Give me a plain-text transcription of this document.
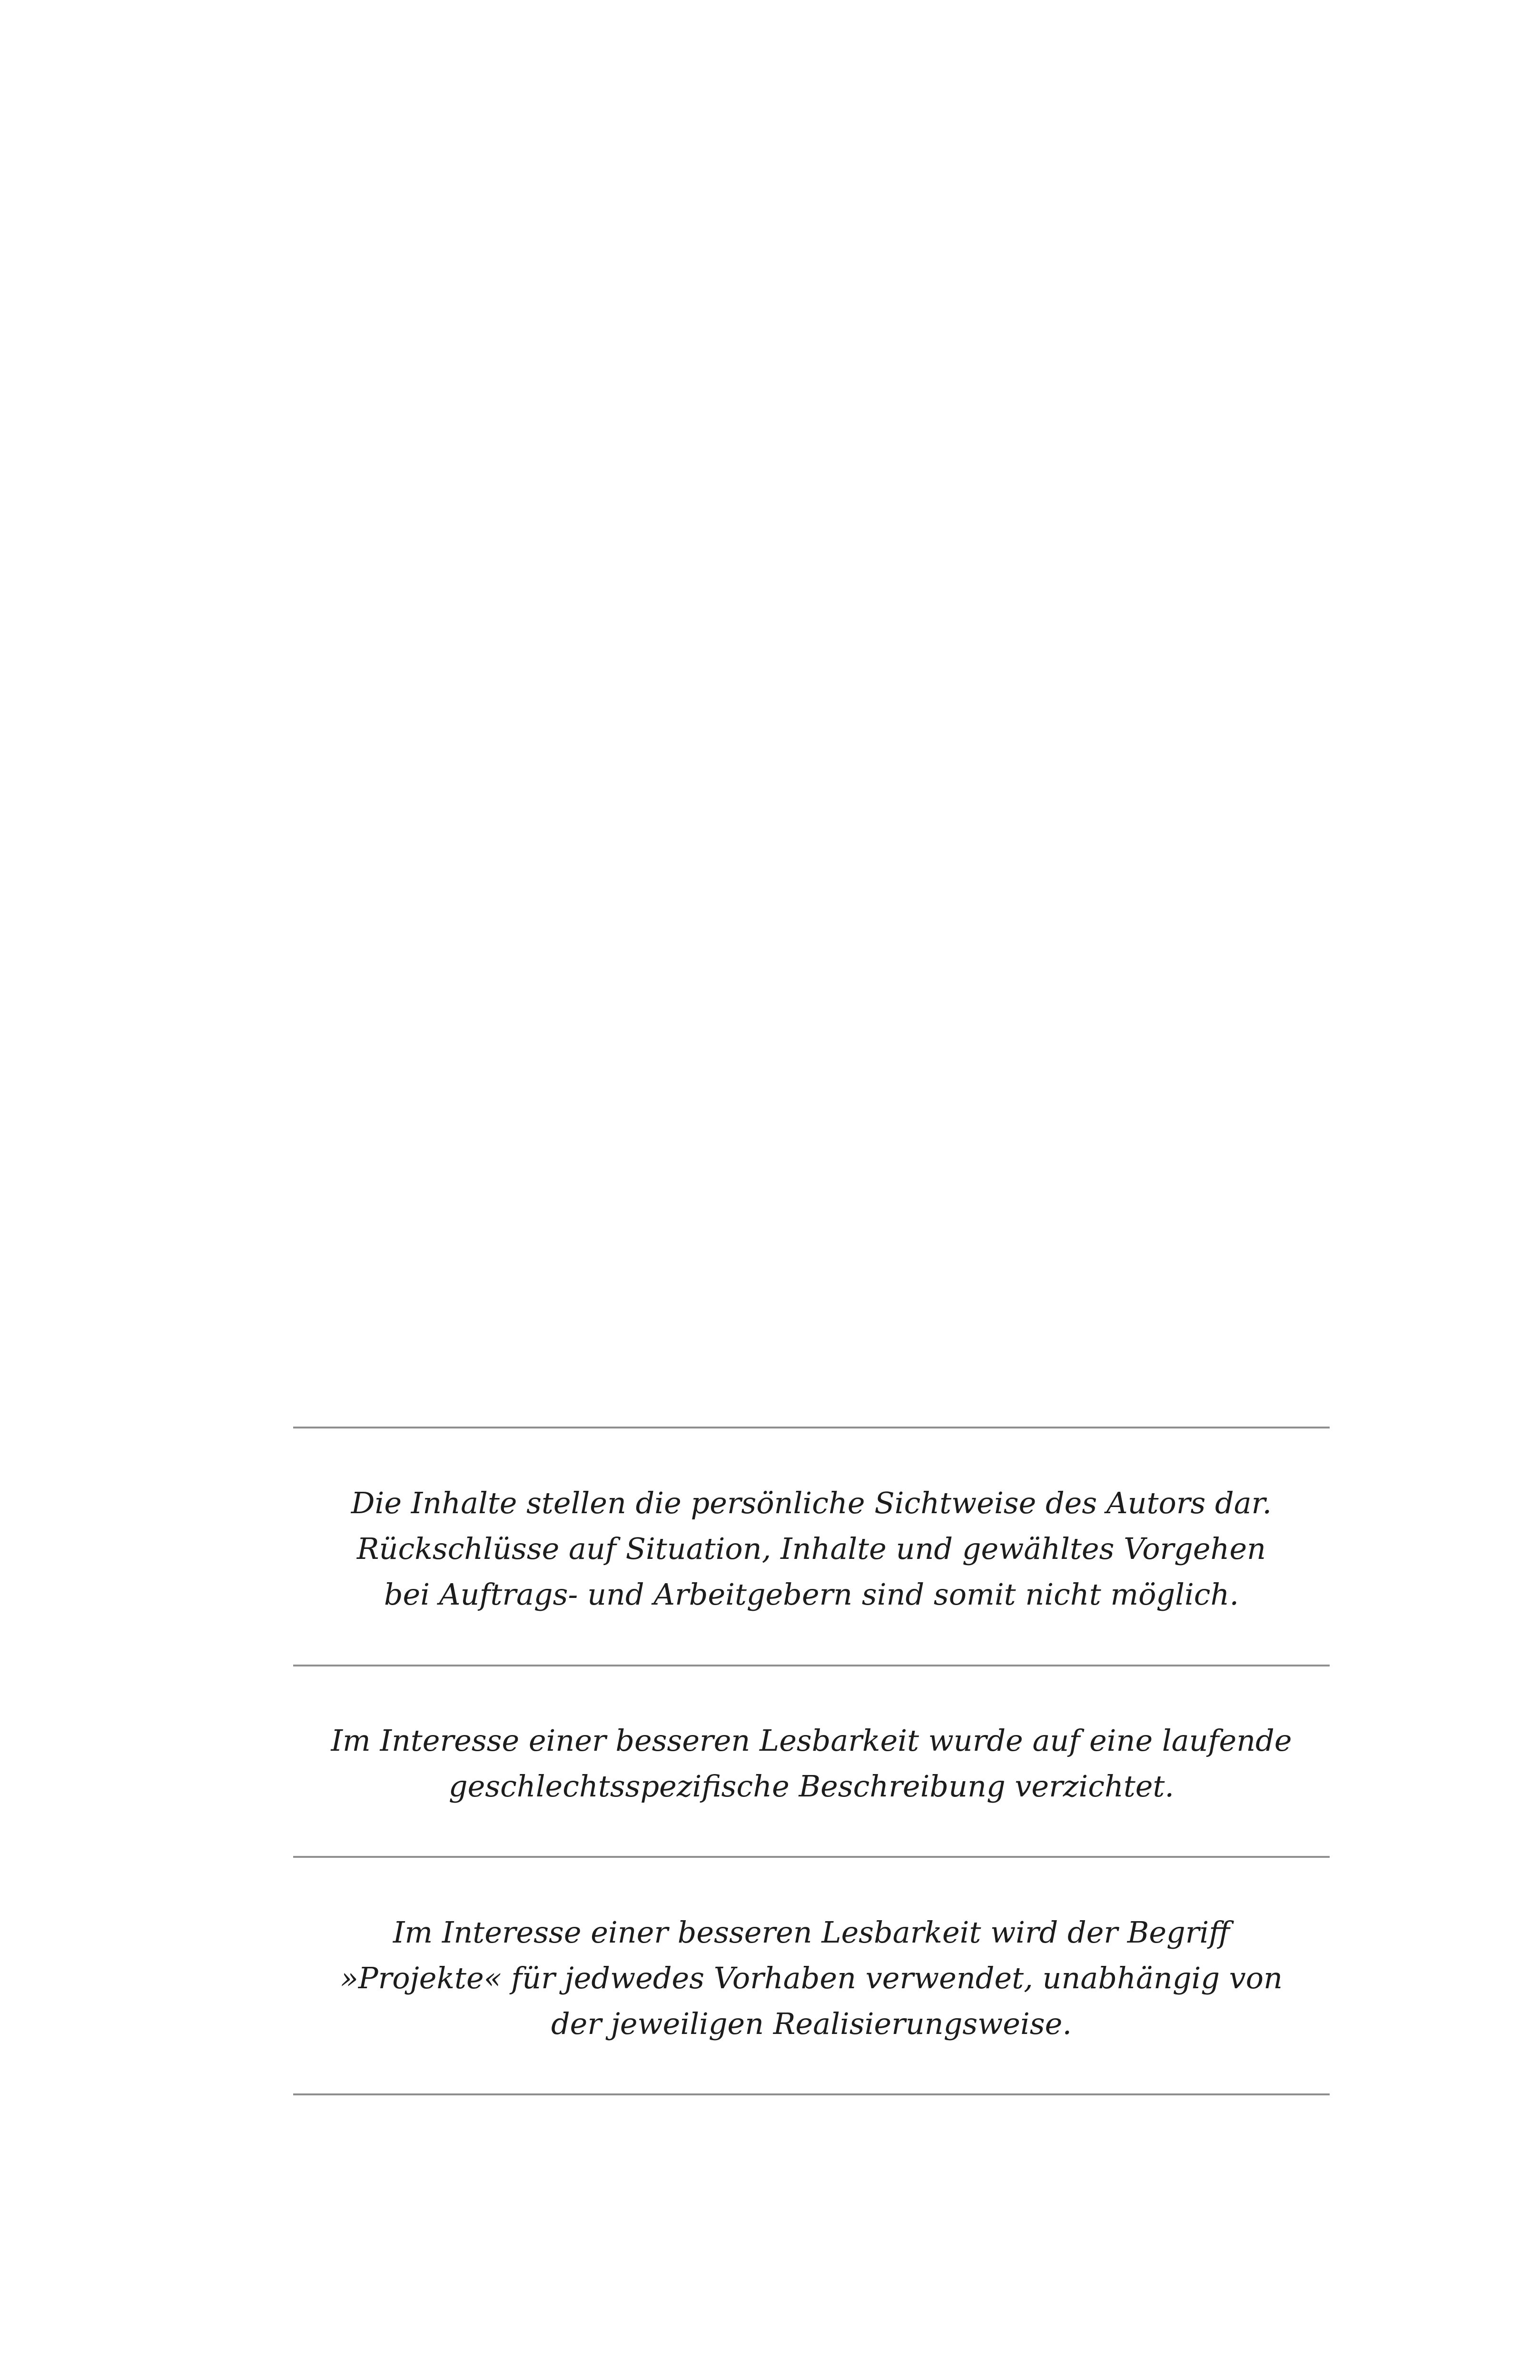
Die Inhalte stellen die persönliche Sichtweise des Autors dar.
Rückschlüsse auf Situation, Inhalte und gewähltes Vorgehen
bei Auftrags- und Arbeitgebern sind somit nicht möglich.

Im Interesse einer besseren Lesbarkeit wurde auf eine laufende
geschlechtsspezifische Beschreibung verzichtet.

Im Interesse einer besseren Lesbarkeit wird der Begriff
»Projekte« für jedwedes Vorhaben verwendet, unabhängig von
der jeweiligen Realisierungsweise.
